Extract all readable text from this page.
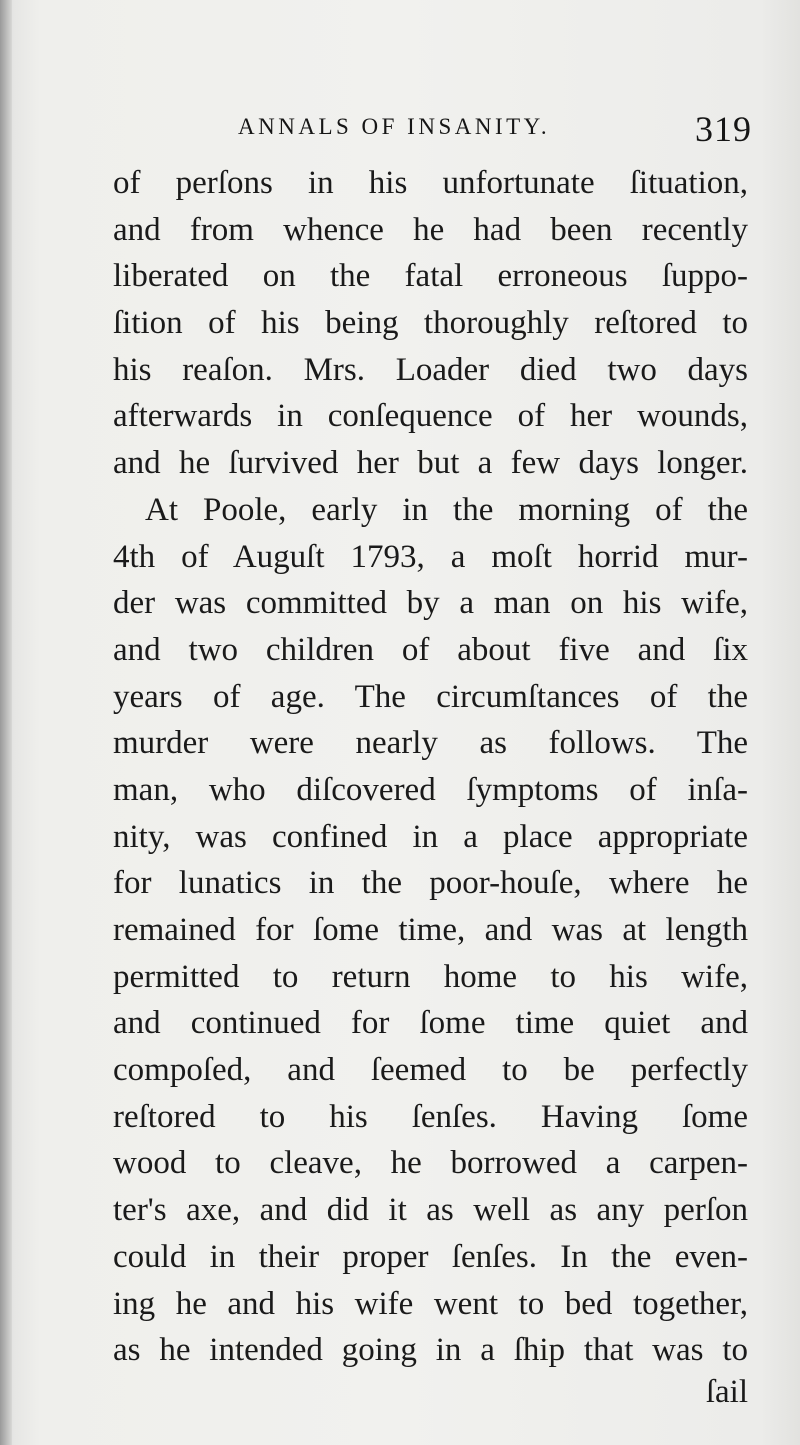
ANNALS OF INSANITY.	319
of perſons in his unfortunate ſituation,
and from whence he had been recently
liberated on the fatal erroneous ſuppo-
ſition of his being thoroughly reſtored to
his reaſon. Mrs. Loader died two days
afterwards in conſequence of her wounds,
and he ſurvived her but a few days longer.
At Poole, early in the morning of the
4th of Auguſt 1793, a moſt horrid mur-
der was committed by a man on his wife,
and two children of about five and ſix
years of age. The circumſtances of the
murder were nearly as follows. The
man, who diſcovered ſymptoms of inſa-
nity, was confined in a place appropriate
for lunatics in the poor-houſe, where he
remained for ſome time, and was at length
permitted to return home to his wife,
and continued for ſome time quiet and
compoſed, and ſeemed to be perfectly
reſtored to his ſenſes. Having ſome
wood to cleave, he borrowed a carpen-
ter's axe, and did it as well as any perſon
could in their proper ſenſes. In the even-
ing he and his wife went to bed together,
as he intended going in a ſhip that was to
ſail
